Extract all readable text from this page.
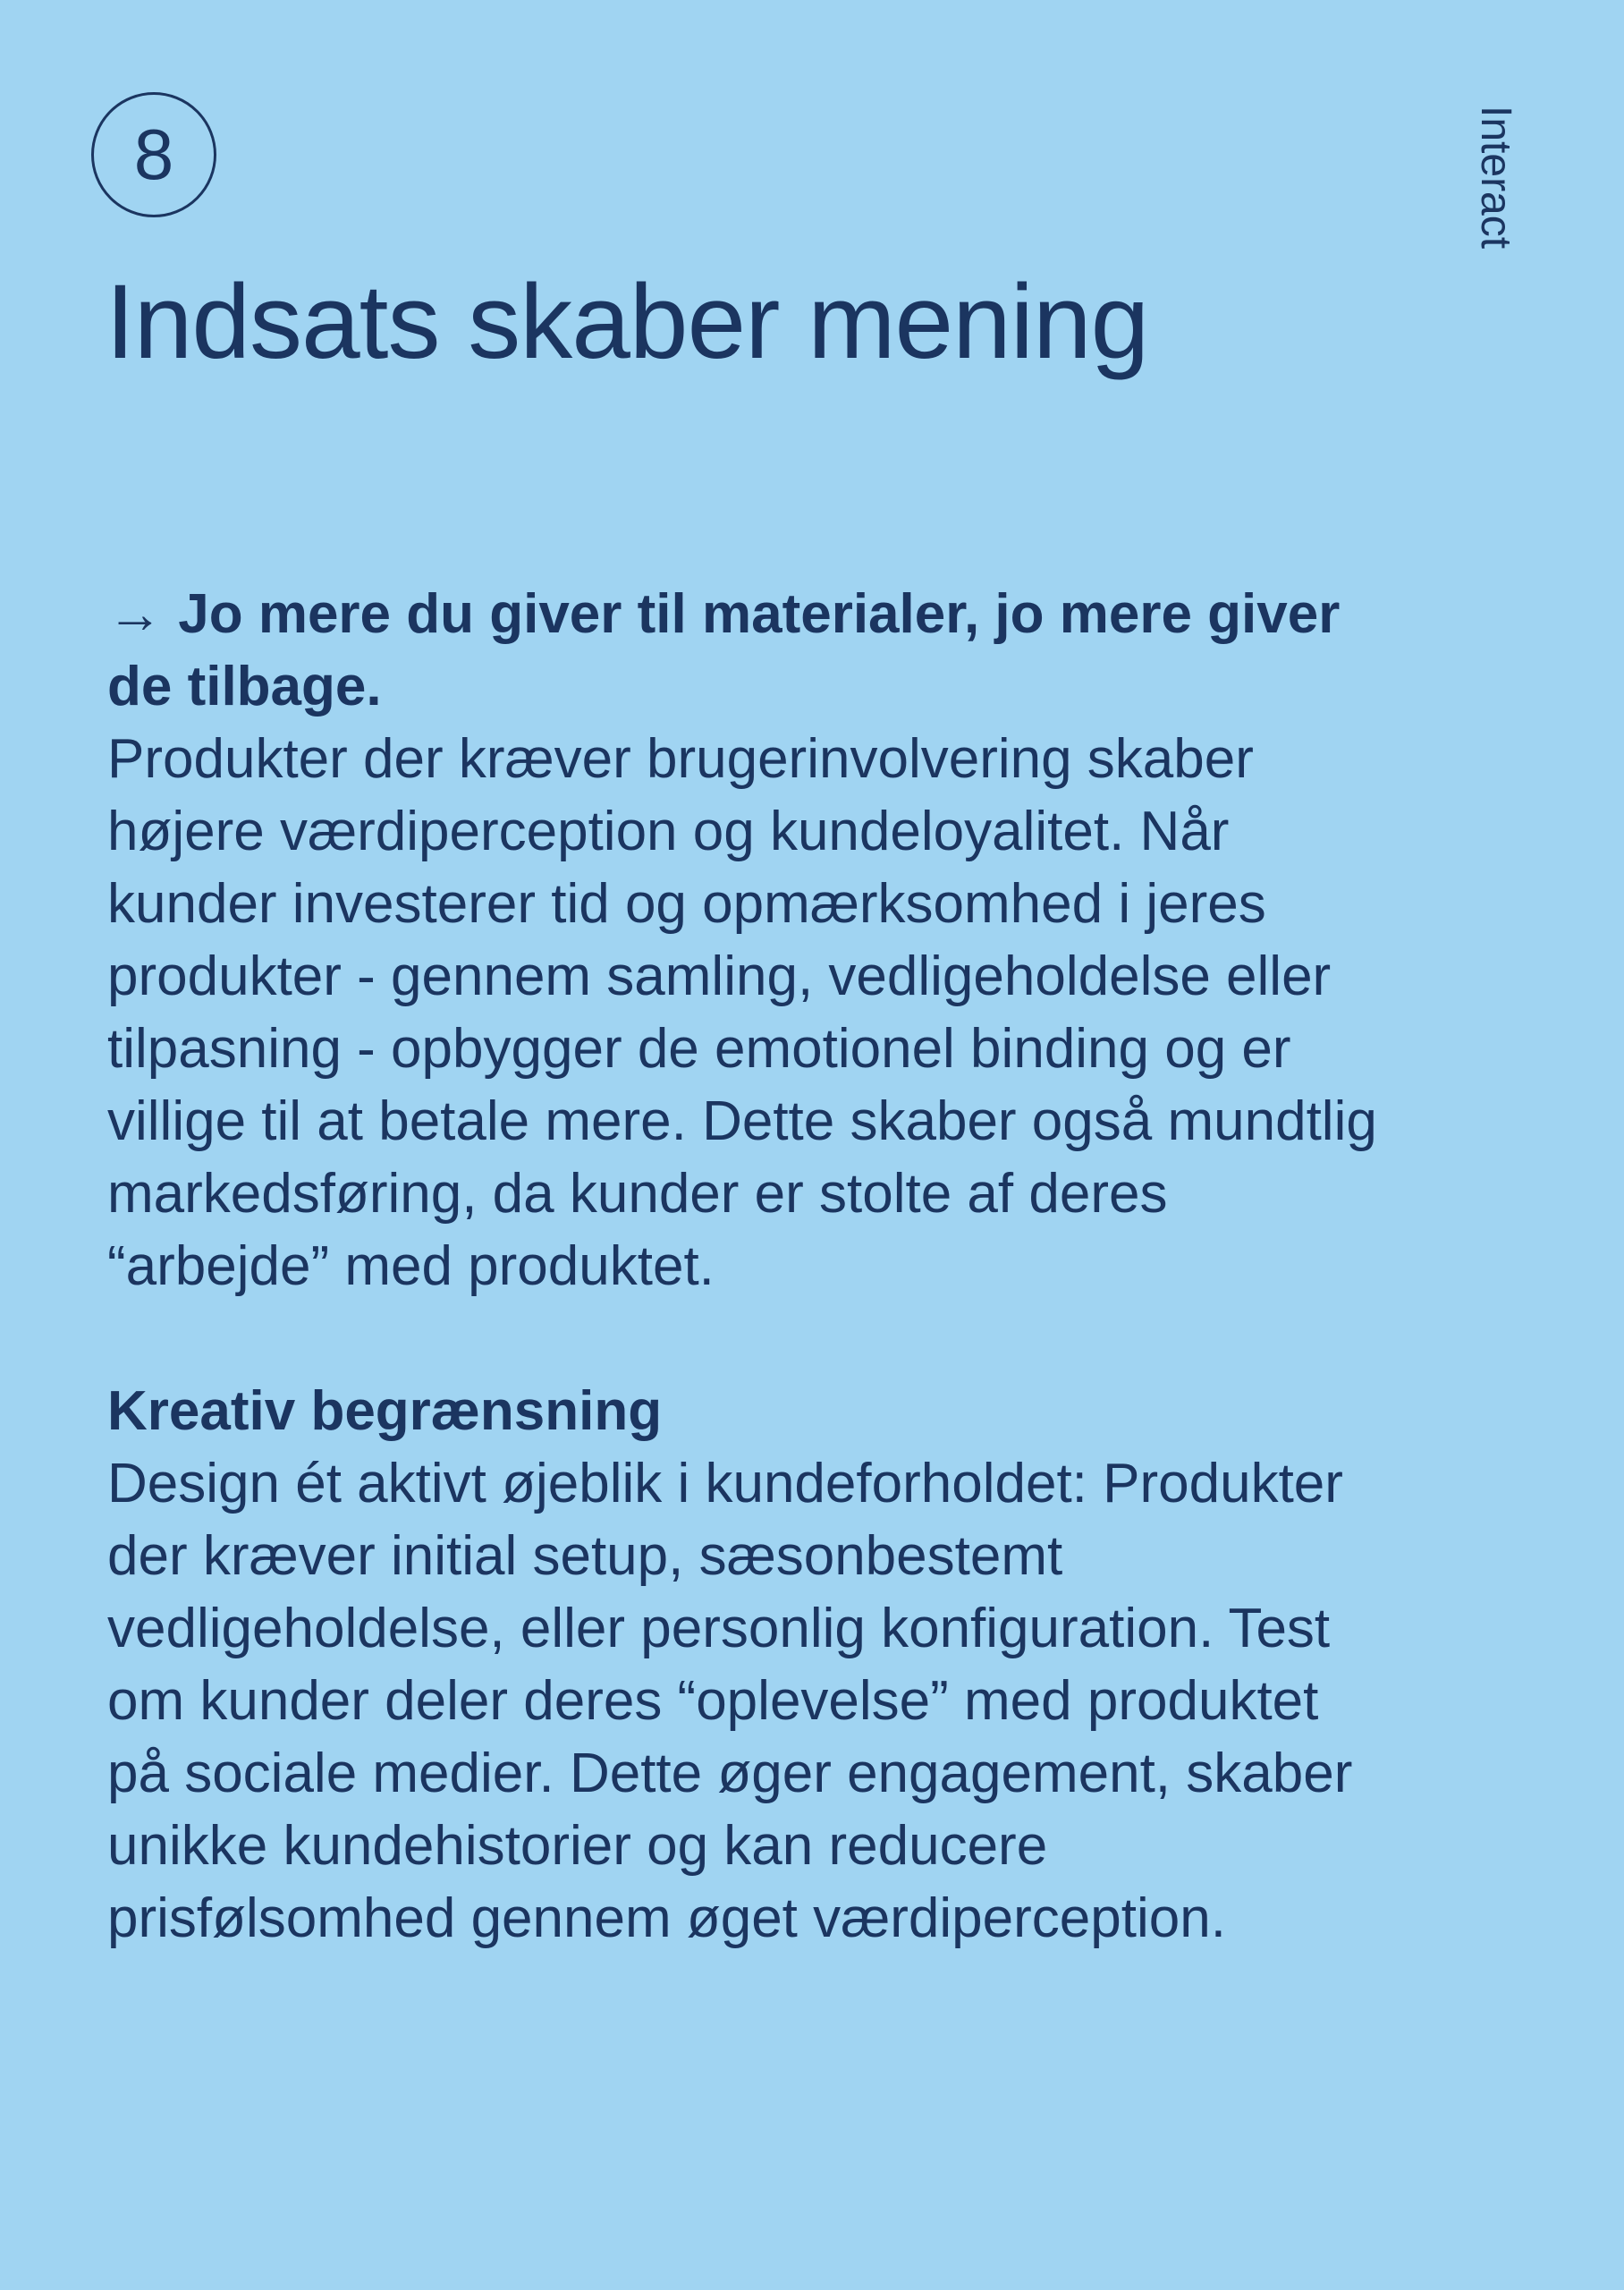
8	Interact
Indsats skaber mening

→ Jo mere du giver til materialer, jo mere giver de tilbage.
Produkter der kræver brugerinvolvering skaber højere værdiperception og kundeloyalitet. Når kunder investerer tid og opmærksomhed i jeres produkter - gennem samling, vedligeholdelse eller tilpasning - opbygger de emotionel binding og er villige til at betale mere. Dette skaber også mundtlig markedsføring, da kunder er stolte af deres “arbejde” med produktet.

Kreativ begrænsning
Design ét aktivt øjeblik i kundeforholdet: Produkter der kræver initial setup, sæsonbestemt vedligeholdelse, eller personlig konfiguration. Test om kunder deler deres “oplevelse” med produktet på sociale medier. Dette øger engagement, skaber unikke kundehistorier og kan reducere prisfølsomhed gennem øget værdiperception.
